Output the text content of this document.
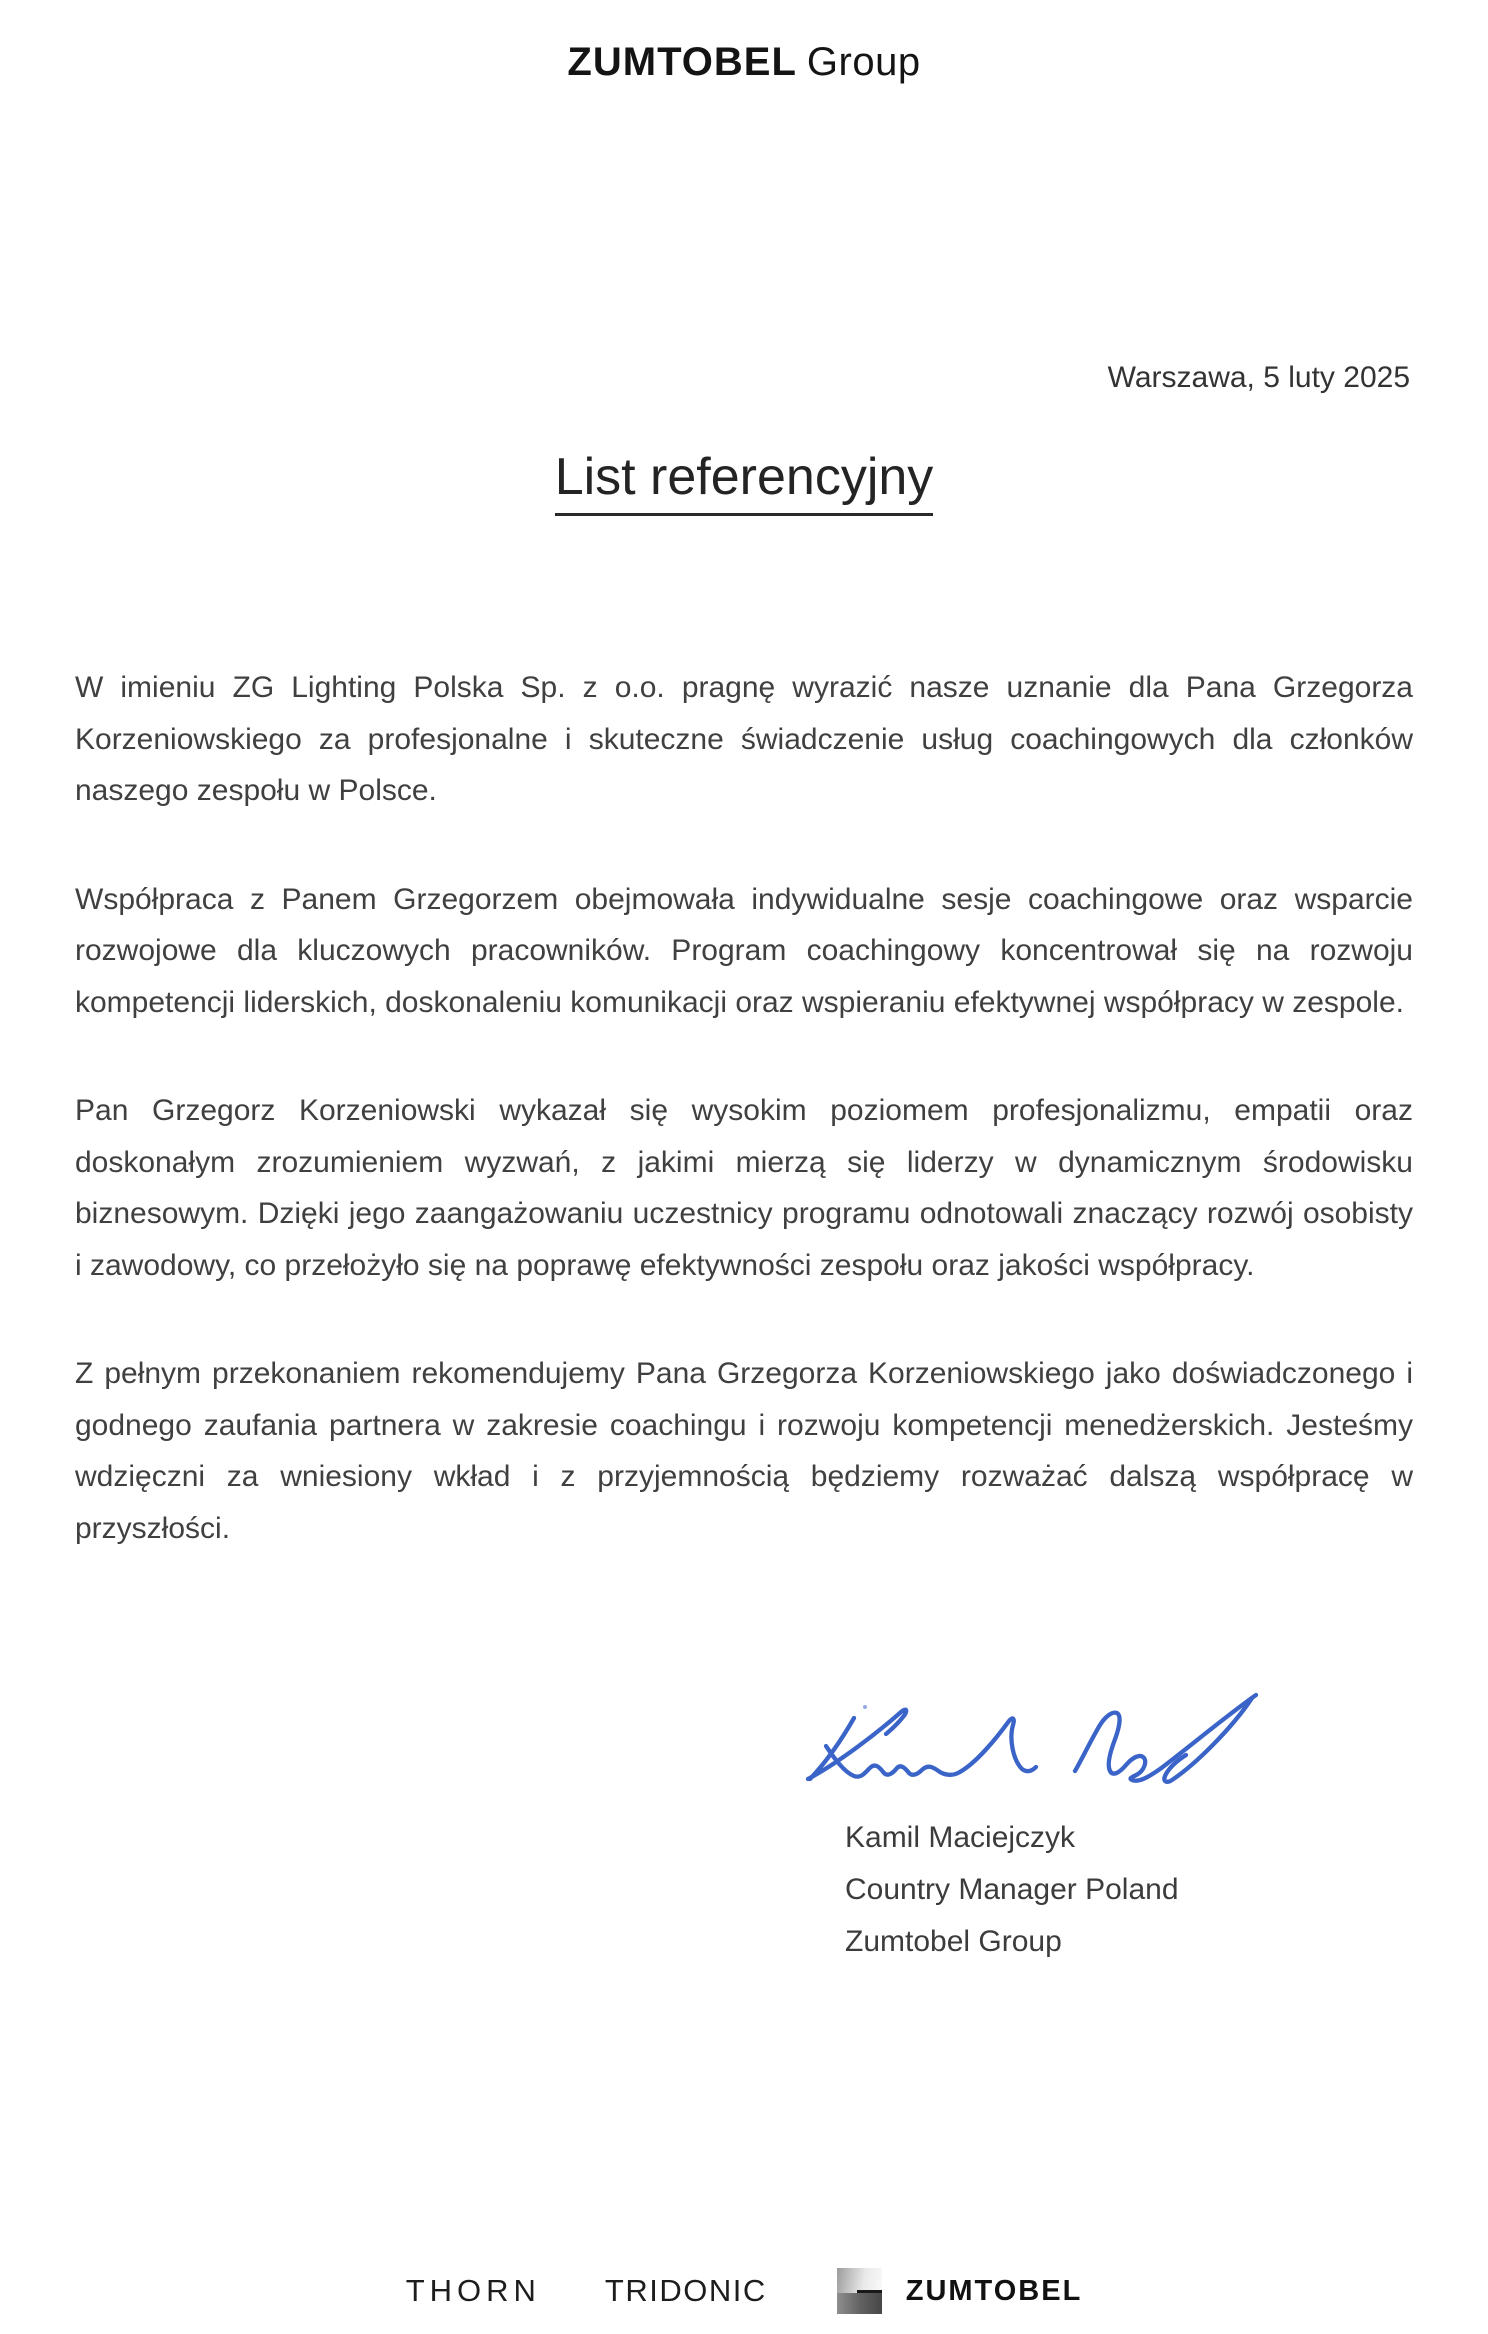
ZUMTOBEL Group
Warszawa, 5 luty 2025
List referencyjny

W imieniu ZG Lighting Polska Sp. z o.o. pragnę wyrazić nasze uznanie dla Pana Grzegorza Korzeniowskiego za profesjonalne i skuteczne świadczenie usług coachingowych dla członków naszego zespołu w Polsce.

Współpraca z Panem Grzegorzem obejmowała indywidualne sesje coachingowe oraz wsparcie rozwojowe dla kluczowych pracowników. Program coachingowy koncentrował się na rozwoju kompetencji liderskich, doskonaleniu komunikacji oraz wspieraniu efektywnej współpracy w zespole.

Pan Grzegorz Korzeniowski wykazał się wysokim poziomem profesjonalizmu, empatii oraz doskonałym zrozumieniem wyzwań, z jakimi mierzą się liderzy w dynamicznym środowisku biznesowym. Dzięki jego zaangażowaniu uczestnicy programu odnotowali znaczący rozwój osobisty i zawodowy, co przełożyło się na poprawę efektywności zespołu oraz jakości współpracy.

Z pełnym przekonaniem rekomendujemy Pana Grzegorza Korzeniowskiego jako doświadczonego i godnego zaufania partnera w zakresie coachingu i rozwoju kompetencji menedżerskich. Jesteśmy wdzięczni za wniesiony wkład i z przyjemnością będziemy rozważać dalszą współpracę w przyszłości.

Kamil Maciejczyk
Country Manager Poland
Zumtobel Group
THORN TRIDONIC	ZUMTOBEL
